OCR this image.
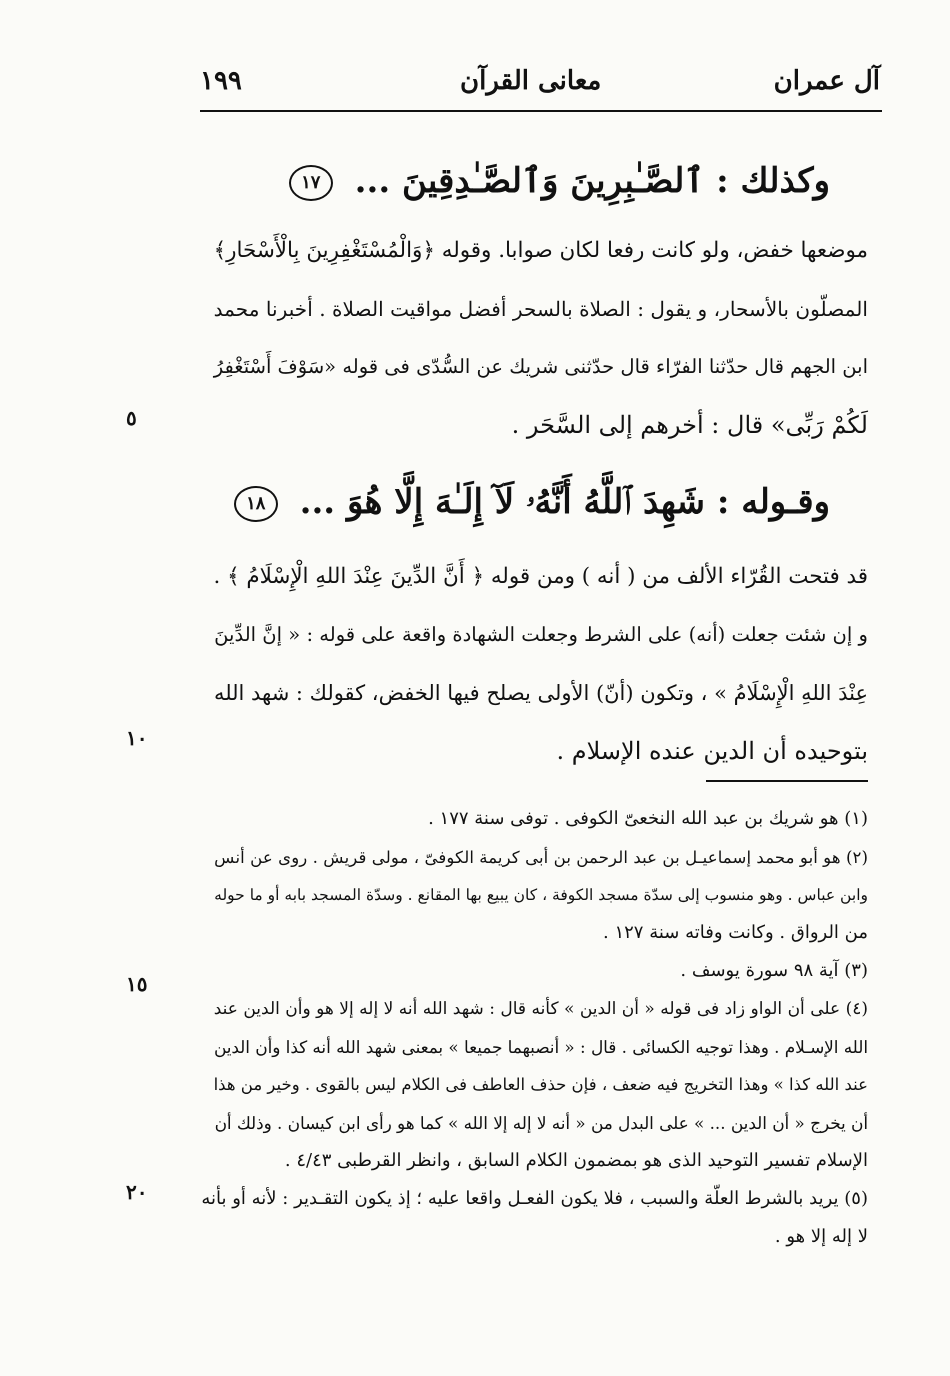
١٩٩	معانى القرآن	آل عمران
وكذلك : ٱلصَّـٰبِرِينَ وَٱلصَّـٰدِقِينَ ... ١٧
موضعها خفض، ولو كانت رفعا لكان صوابا. وقوله ﴿وَالْمُسْتَغْفِرِينَ بِالْأَسْحَارِ﴾
المصلّون بالأسحار، و يقول : الصلاة بالسحر أفضل مواقيت الصلاة . أخبرنا محمد
ابن الجهم قال حدّثنا الفرّاء قال حدّثنى شريك عن السُّدّى فى قوله «سَوْفَ أَسْتَغْفِرُ
لَكُمْ رَبِّى» قال : أخرهم إلى السَّحَر .
وقـوله : شَهِدَ ٱللَّهُ أَنَّهُۥ لَآ إِلَـٰهَ إِلَّا هُوَ ... ١٨
قد فتحت القُرّاء الألف من ( أنه ) ومن قوله ﴿ أَنَّ الدِّينَ عِنْدَ اللهِ الْإِسْلَامُ ﴾ .
و إن شئت جعلت (أنه) على الشرط وجعلت الشهادة واقعة على قوله : « إنَّ الدِّينَ
عِنْدَ اللهِ الْإِسْلَامُ » ، وتكون (أنّ) الأولى يصلح فيها الخفض، كقولك : شهد الله
بتوحيده أن الدين عنده الإسلام .
٥
١٠
١٥
٢٠
(١) هو شريك بن عبد الله النخعىّ الكوفى . توفى سنة ١٧٧ .
(٢) هو أبو محمد إسماعيـل بن عبد الرحمن بن أبى كريمة الكوفىّ ، مولى قريش . روى عن أنس
وابن عباس . وهو منسوب إلى سدّة مسجد الكوفة ، كان يبيع بها المقانع . وسدّة المسجد بابه أو ما حوله
من الرواق . وكانت وفاته سنة ١٢٧ .
(٣) آية ٩٨ سورة يوسف .
(٤) على أن الواو زاد فى قوله « أن الدين » كأنه قال : شهد الله أنه لا إله إلا هو وأن الدين عند
الله الإسـلام . وهذا توجيه الكسائى . قال : « أنصبهما جميعا » بمعنى شهد الله أنه كذا وأن الدين
عند الله كذا » وهذا التخريج فيه ضعف ، فإن حذف العاطف فى الكلام ليس بالقوى . وخير من هذا
أن يخرج « أن الدين ... » على البدل من « أنه لا إله إلا الله » كما هو رأى ابن كيسان . وذلك أن
الإسلام تفسير التوحيد الذى هو بمضمون الكلام السابق ، وانظر القرطبى ٤/٤٣ .
(٥) يريد بالشرط العلّة والسبب ، فلا يكون الفعـل واقعا عليه ؛ إذ يكون التقـدير : لأنه أو بأنه
لا إله إلا هو .
